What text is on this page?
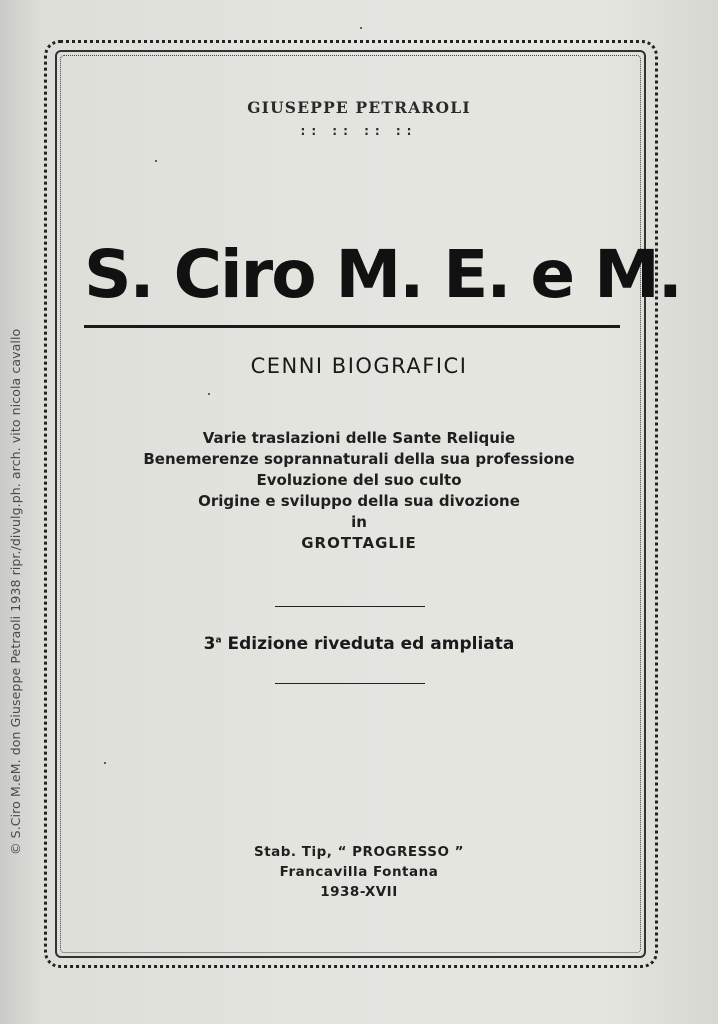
© S.Ciro M.eM. don Giuseppe Petraoli 1938 ripr./divulg.ph. arch. vito nicola cavallo
GIUSEPPE PETRAROLI
:: :: :: ::
S. Ciro M. E. e M.
CENNI BIOGRAFICI
Varie traslazioni delle Sante Reliquie
Benemerenze soprannaturali della sua professione
Evoluzione del suo culto
Origine e sviluppo della sua divozione
in
GROTTAGLIE
3$^a$ Edizione riveduta ed ampliata
Stab. Tip, “ PROGRESSO ”
Francavilla Fontana
1938-XVII
